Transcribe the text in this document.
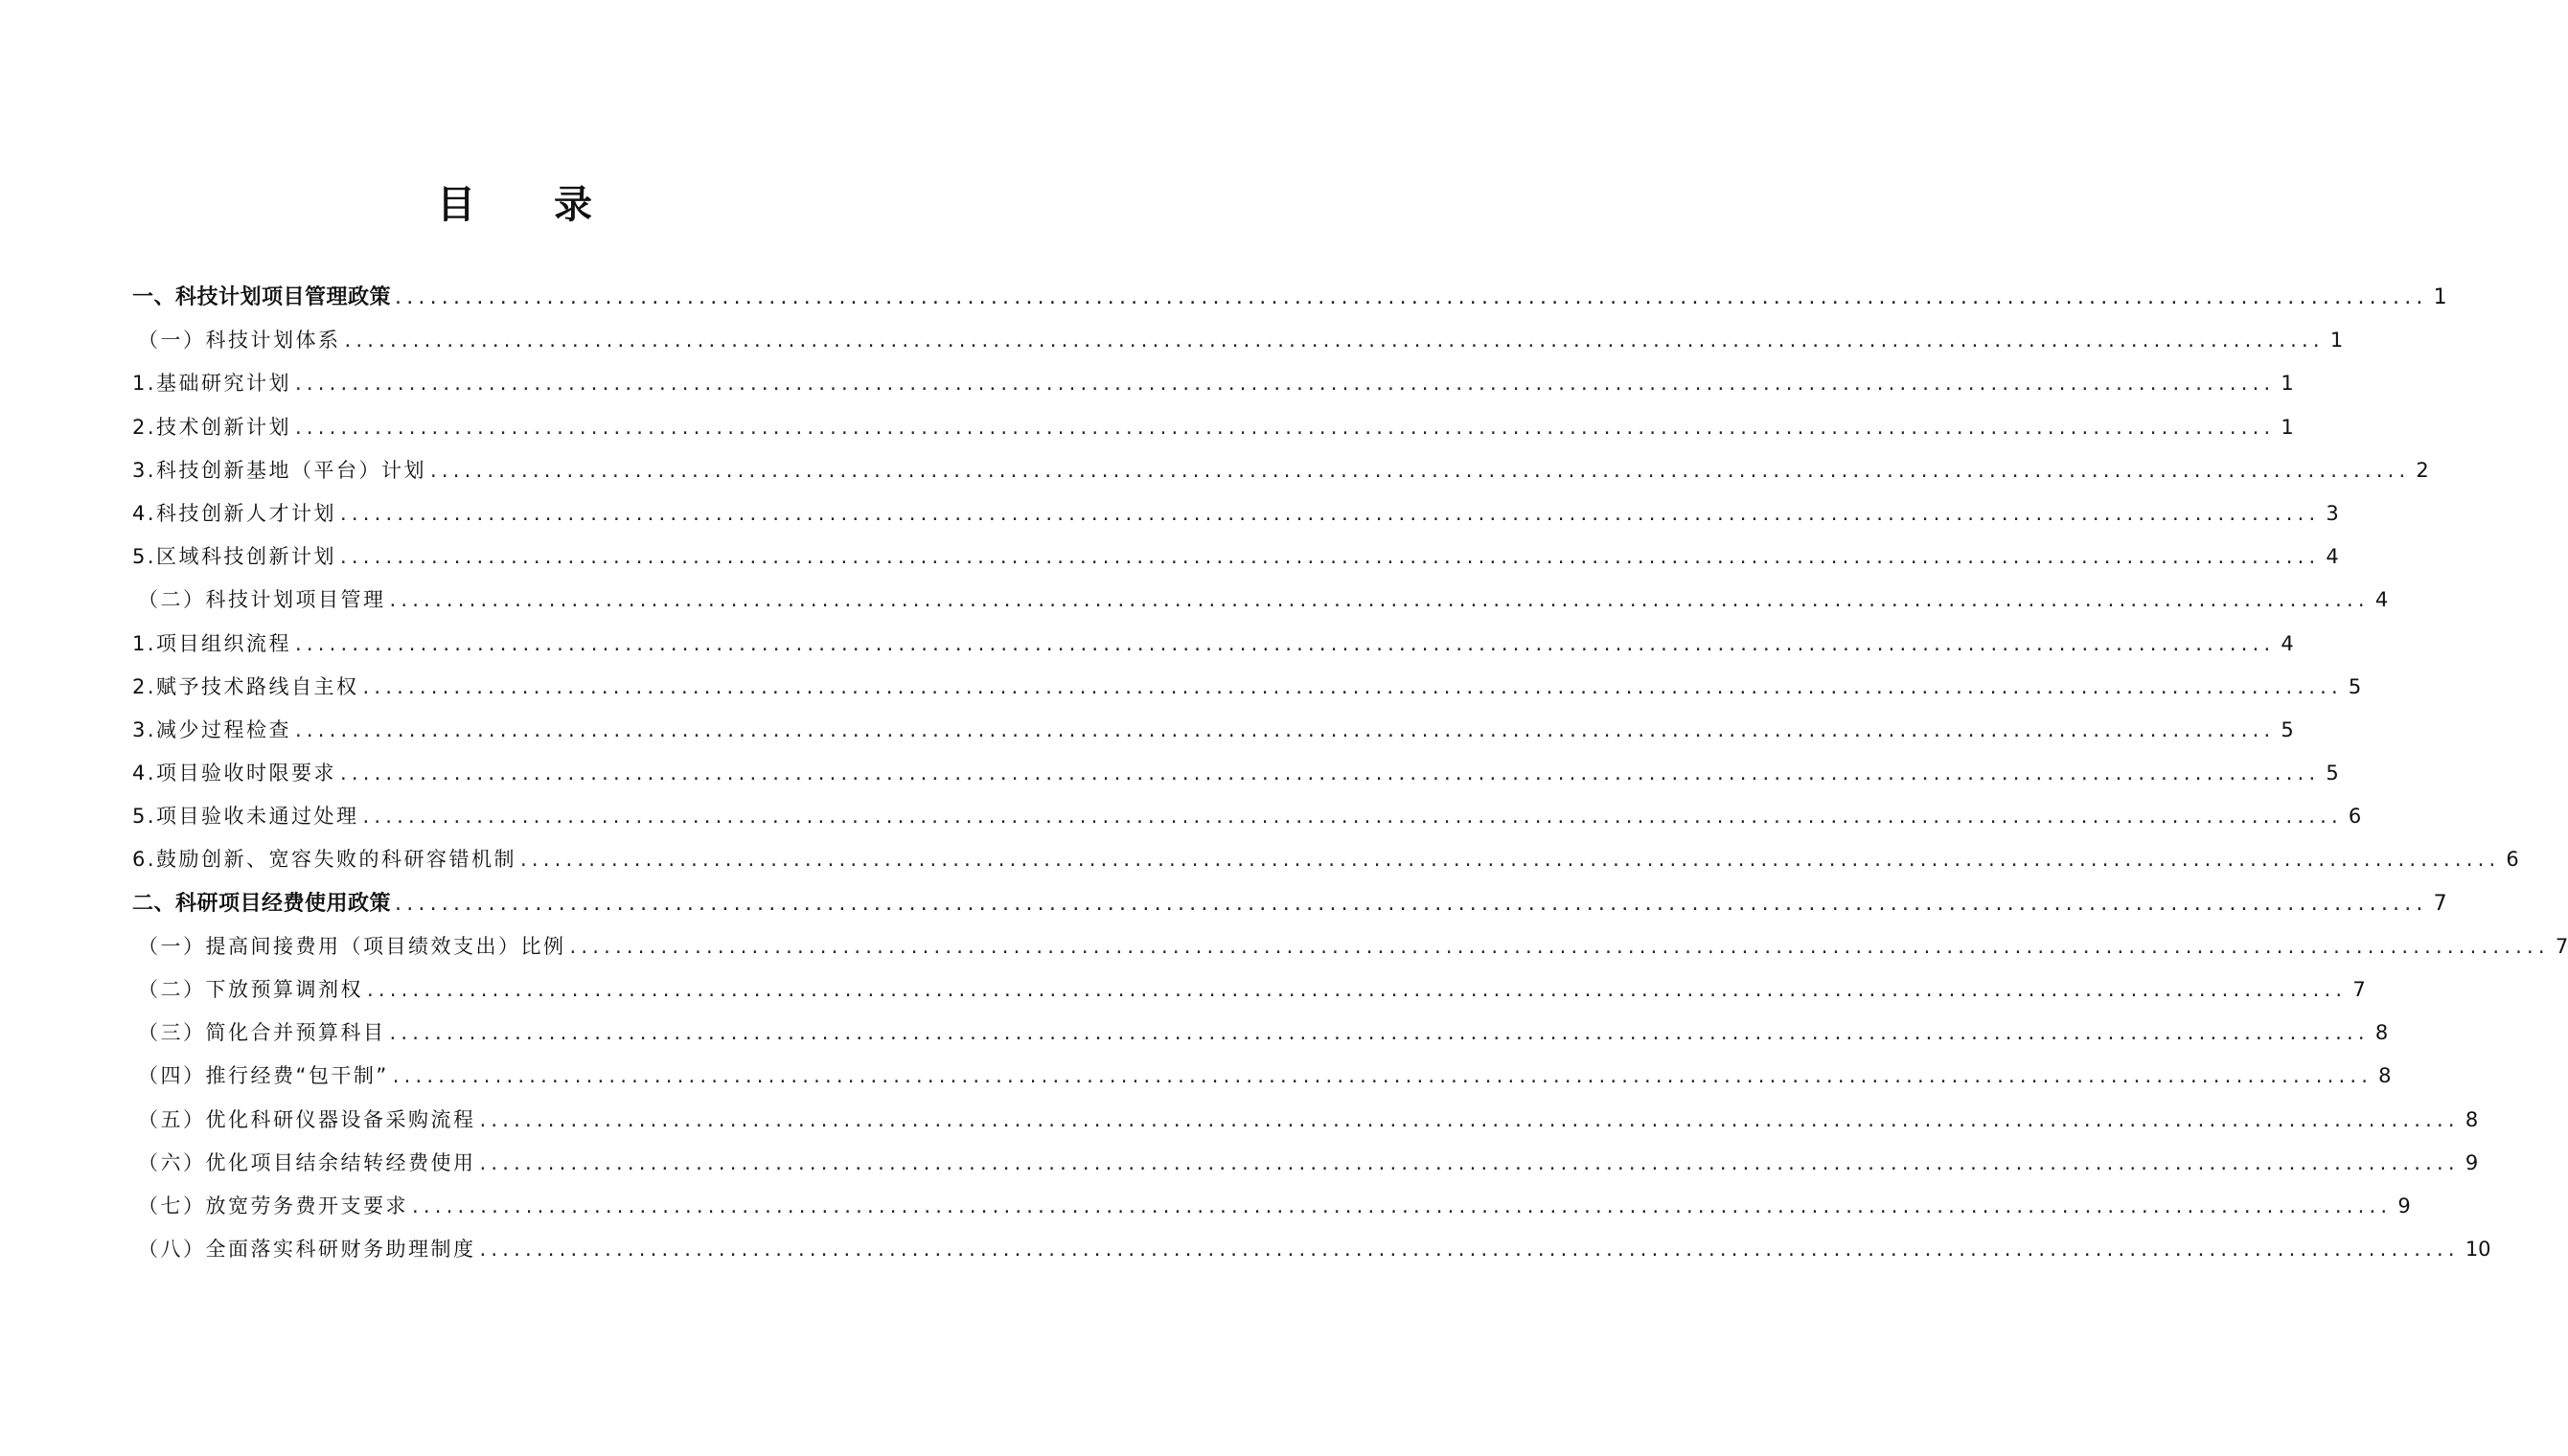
目 录
一、科技计划项目管理政策 .............................................................................................................................................................................. 1
（一）科技计划体系 .............................................................................................................................................................................. 1
1.基础研究计划 .............................................................................................................................................................................. 1
2.技术创新计划 .............................................................................................................................................................................. 1
3.科技创新基地（平台）计划 .............................................................................................................................................................................. 2
4.科技创新人才计划 .............................................................................................................................................................................. 3
5.区域科技创新计划 .............................................................................................................................................................................. 4
（二）科技计划项目管理 .............................................................................................................................................................................. 4
1.项目组织流程 .............................................................................................................................................................................. 4
2.赋予技术路线自主权 .............................................................................................................................................................................. 5
3.减少过程检查 .............................................................................................................................................................................. 5
4.项目验收时限要求 .............................................................................................................................................................................. 5
5.项目验收未通过处理 .............................................................................................................................................................................. 6
6.鼓励创新、宽容失败的科研容错机制 .............................................................................................................................................................................. 6
二、科研项目经费使用政策 .............................................................................................................................................................................. 7
（一）提高间接费用（项目绩效支出）比例 .............................................................................................................................................................................. 7
（二）下放预算调剂权 .............................................................................................................................................................................. 7
（三）简化合并预算科目 .............................................................................................................................................................................. 8
（四）推行经费“包干制” .............................................................................................................................................................................. 8
（五）优化科研仪器设备采购流程 .............................................................................................................................................................................. 8
（六）优化项目结余结转经费使用 .............................................................................................................................................................................. 9
（七）放宽劳务费开支要求 .............................................................................................................................................................................. 9
（八）全面落实科研财务助理制度 .............................................................................................................................................................................. 10
